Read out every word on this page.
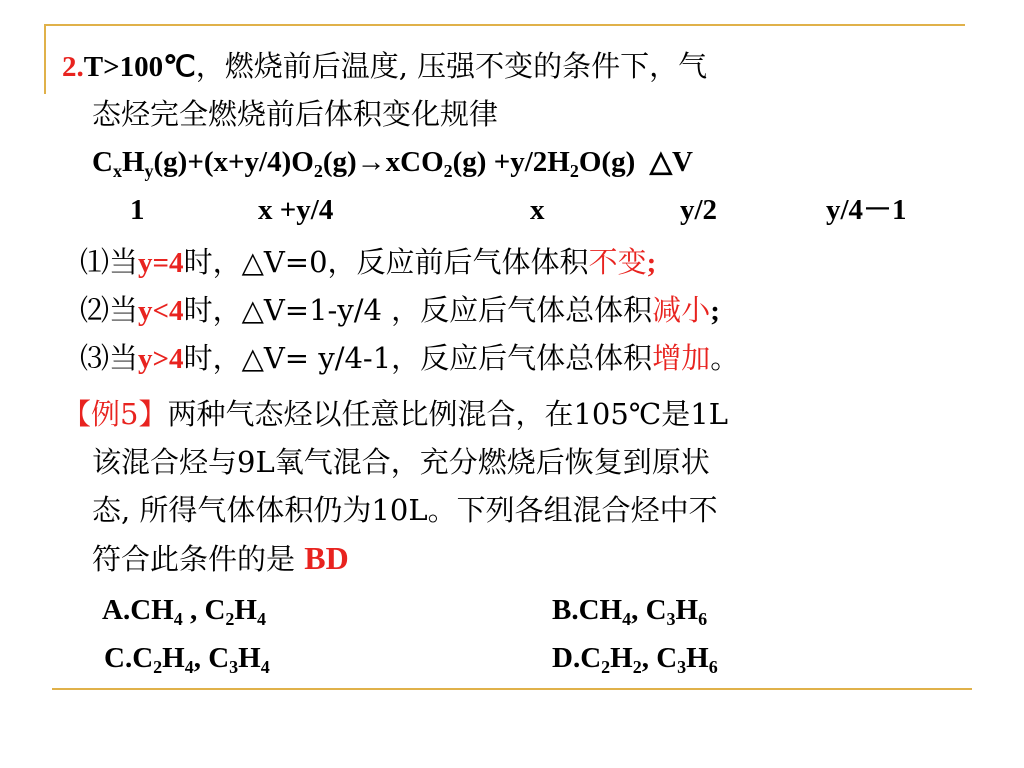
2.T>100℃，燃烧前后温度, 压强不变的条件下，气
态烃完全燃烧前后体积变化规律
$C_xH_y(g)+(x+y/4)O_2(g)\to xCO_2(g) +y/2H_2O(g)$  △V
1	x +y/4	x	y/2	y/4－1
⑴当y=4时，△V=0，反应前后气体体积不变;
⑵当y<4时，△V=1-y/4 ，反应后气体总体积减小;
⑶当y>4时，△V= y/4-1，反应后气体总体积增加。
【例5】两种气态烃以任意比例混合，在105℃是1L
该混合烃与9L氧气混合，充分燃烧后恢复到原状
态, 所得气体体积仍为10L。下列各组混合烃中不
符合此条件的是 BD
$A.CH_4$ , $C_2H_4$	$B.CH_4$, $C_3H_6$
$C.C_2H_4$, $C_3H_4$	$D.C_2H_2$, $C_3H_6$
